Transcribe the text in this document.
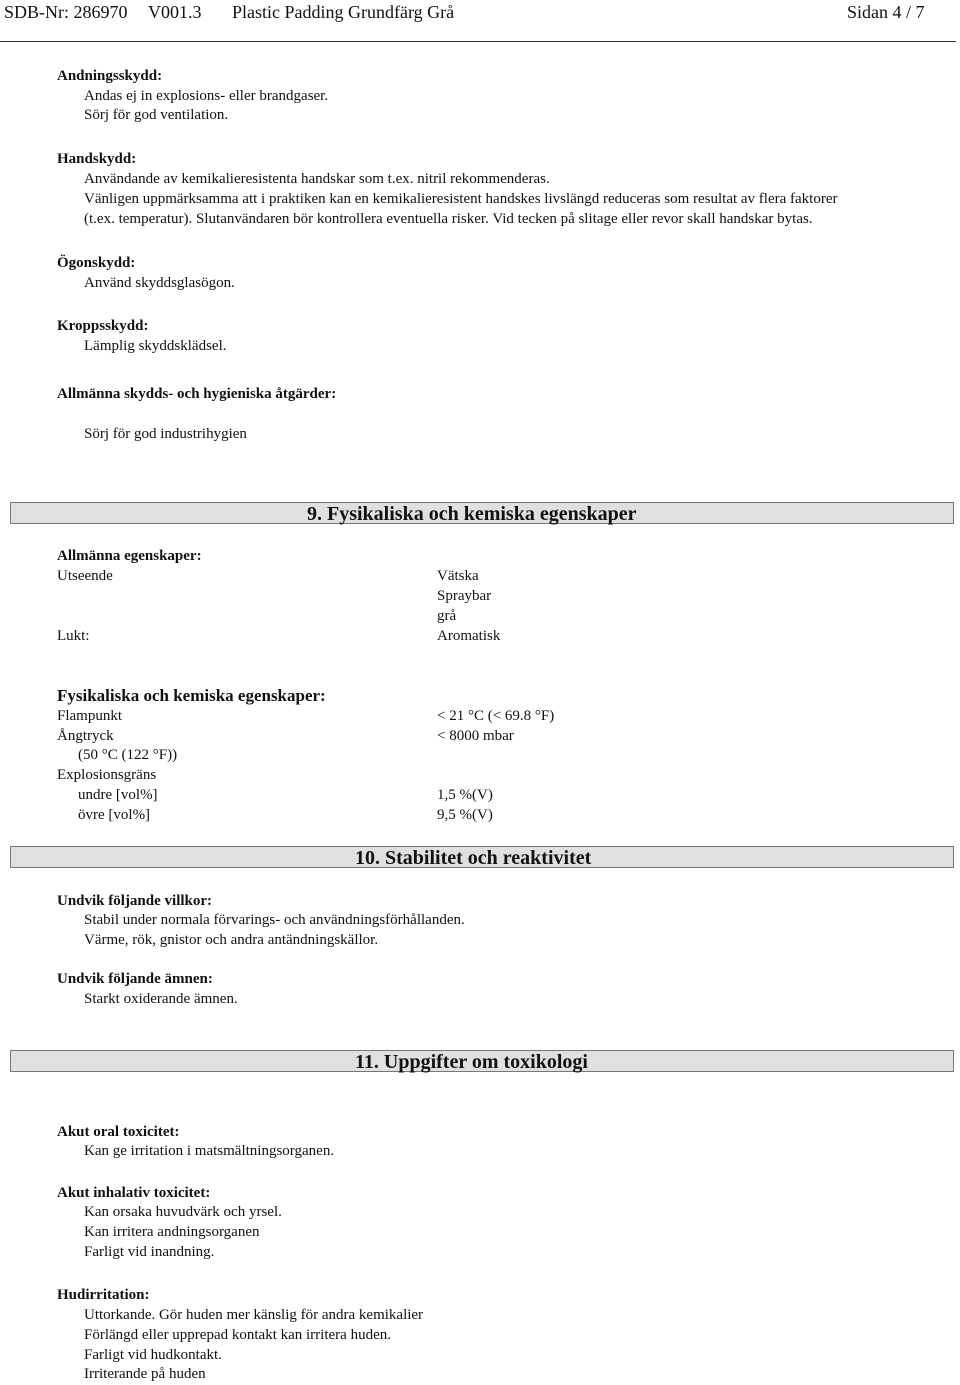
SDB-Nr: 286970 V001.3 Plastic Padding Grundfärg Grå	Sidan 4 / 7
Andningsskydd:
Andas ej in explosions- eller brandgaser.
Sörj för god ventilation.
Handskydd:
Användande av kemikalieresistenta handskar som t.ex. nitril rekommenderas.
Vänligen uppmärksamma att i praktiken kan en kemikalieresistent handskes livslängd reduceras som resultat av flera faktorer
(t.ex. temperatur). Slutanvändaren bör kontrollera eventuella risker. Vid tecken på slitage eller revor skall handskar bytas.
Ögonskydd:
Använd skyddsglasögon.
Kroppsskydd:
Lämplig skyddsklädsel.
Allmänna skydds- och hygieniska åtgärder:
Sörj för god industrihygien
9. Fysikaliska och kemiska egenskaper
Allmänna egenskaper:
Utseende	Vätska
Spraybar
grå
Lukt:	Aromatisk
Fysikaliska och kemiska egenskaper:
Flampunkt	< 21 °C (< 69.8 °F)
Ångtryck	< 8000 mbar
(50 °C (122 °F))
Explosionsgräns
undre [vol%]	1,5 %(V)
övre [vol%]	9,5 %(V)
10. Stabilitet och reaktivitet
Undvik följande villkor:
Stabil under normala förvarings- och användningsförhållanden.
Värme, rök, gnistor och andra antändningskällor.
Undvik följande ämnen:
Starkt oxiderande ämnen.
11. Uppgifter om toxikologi
Akut oral toxicitet:
Kan ge irritation i matsmältningsorganen.
Akut inhalativ toxicitet:
Kan orsaka huvudvärk och yrsel.
Kan irritera andningsorganen
Farligt vid inandning.
Hudirritation:
Uttorkande. Gör huden mer känslig för andra kemikalier
Förlängd eller upprepad kontakt kan irritera huden.
Farligt vid hudkontakt.
Irriterande på huden
